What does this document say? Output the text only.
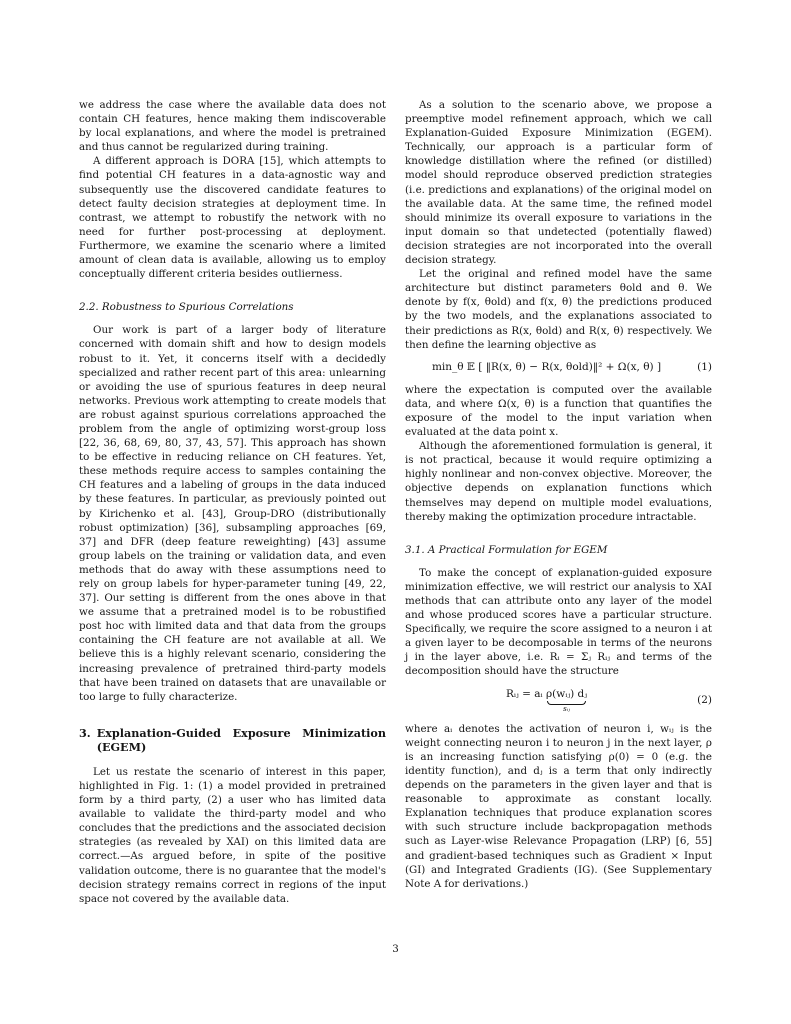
we address the case where the available data does not contain CH features, hence making them indiscoverable by local explanations, and where the model is pretrained and thus cannot be regularized during training.

A different approach is DORA [15], which attempts to find potential CH features in a data-agnostic way and subsequently use the discovered candidate features to detect faulty decision strategies at deployment time. In contrast, we attempt to robustify the network with no need for further post-processing at deployment. Furthermore, we examine the scenario where a limited amount of clean data is available, allowing us to employ conceptually different criteria besides outlierness.

2.2. Robustness to Spurious Correlations

Our work is part of a larger body of literature concerned with domain shift and how to design models robust to it. Yet, it concerns itself with a decidedly specialized and rather recent part of this area: unlearning or avoiding the use of spurious features in deep neural networks. Previous work attempting to create models that are robust against spurious correlations approached the problem from the angle of optimizing worst-group loss [22, 36, 68, 69, 80, 37, 43, 57]. This approach has shown to be effective in reducing reliance on CH features. Yet, these methods require access to samples containing the CH features and a labeling of groups in the data induced by these features. In particular, as previously pointed out by Kirichenko et al. [43], Group-DRO (distributionally robust optimization) [36], subsampling approaches [69, 37] and DFR (deep feature reweighting) [43] assume group labels on the training or validation data, and even methods that do away with these assumptions need to rely on group labels for hyper-parameter tuning [49, 22, 37]. Our setting is different from the ones above in that we assume that a pretrained model is to be robustified post hoc with limited data and that data from the groups containing the CH feature are not available at all. We believe this is a highly relevant scenario, considering the increasing prevalence of pretrained third-party models that have been trained on datasets that are unavailable or too large to fully characterize.

3. Explanation-Guided Exposure Minimization
(EGEM)

Let us restate the scenario of interest in this paper, highlighted in Fig. 1: (1) a model provided in pretrained form by a third party, (2) a user who has limited data available to validate the third-party model and who concludes that the predictions and the associated decision strategies (as revealed by XAI) on this limited data are correct.—As argued before, in spite of the positive validation outcome, there is no guarantee that the model's decision strategy remains correct in regions of the input space not covered by the available data.

As a solution to the scenario above, we propose a preemptive model refinement approach, which we call Explanation-Guided Exposure Minimization (EGEM). Technically, our approach is a particular form of knowledge distillation where the refined (or distilled) model should reproduce observed prediction strategies (i.e. predictions and explanations) of the original model on the available data. At the same time, the refined model should minimize its overall exposure to variations in the input domain so that undetected (potentially flawed) decision strategies are not incorporated into the overall decision strategy.

Let the original and refined model have the same architecture but distinct parameters θold and θ. We denote by f(x, θold) and f(x, θ) the predictions produced by the two models, and the explanations associated to their predictions as R(x, θold) and R(x, θ) respectively. We then define the learning objective as

min_θ 𝔼 [ ‖R(x, θ) − R(x, θold)‖² + Ω(x, θ) ]	(1)

where the expectation is computed over the available data, and where Ω(x, θ) is a function that quantifies the exposure of the model to the input variation when evaluated at the data point x.

Although the aforementioned formulation is general, it is not practical, because it would require optimizing a highly nonlinear and non-convex objective. Moreover, the objective depends on explanation functions which themselves may depend on multiple model evaluations, thereby making the optimization procedure intractable.

3.1. A Practical Formulation for EGEM

To make the concept of explanation-guided exposure minimization effective, we will restrict our analysis to XAI methods that can attribute onto any layer of the model and whose produced scores have a particular structure. Specifically, we require the score assigned to a neuron i at a given layer to be decomposable in terms of the neurons j in the layer above, i.e. Rᵢ = Σⱼ Rᵢⱼ and terms of the decomposition should have the structure

Rᵢⱼ = aᵢ ρ(wᵢⱼ) dⱼ
sᵢⱼ
(2)

where aᵢ denotes the activation of neuron i, wᵢⱼ is the weight connecting neuron i to neuron j in the next layer, ρ is an increasing function satisfying ρ(0) = 0 (e.g. the identity function), and dⱼ is a term that only indirectly depends on the parameters in the given layer and that is reasonable to approximate as constant locally. Explanation techniques that produce explanation scores with such structure include backpropagation methods such as Layer-wise Relevance Propagation (LRP) [6, 55] and gradient-based techniques such as Gradient × Input (GI) and Integrated Gradients (IG). (See Supplementary Note A for derivations.)

3
